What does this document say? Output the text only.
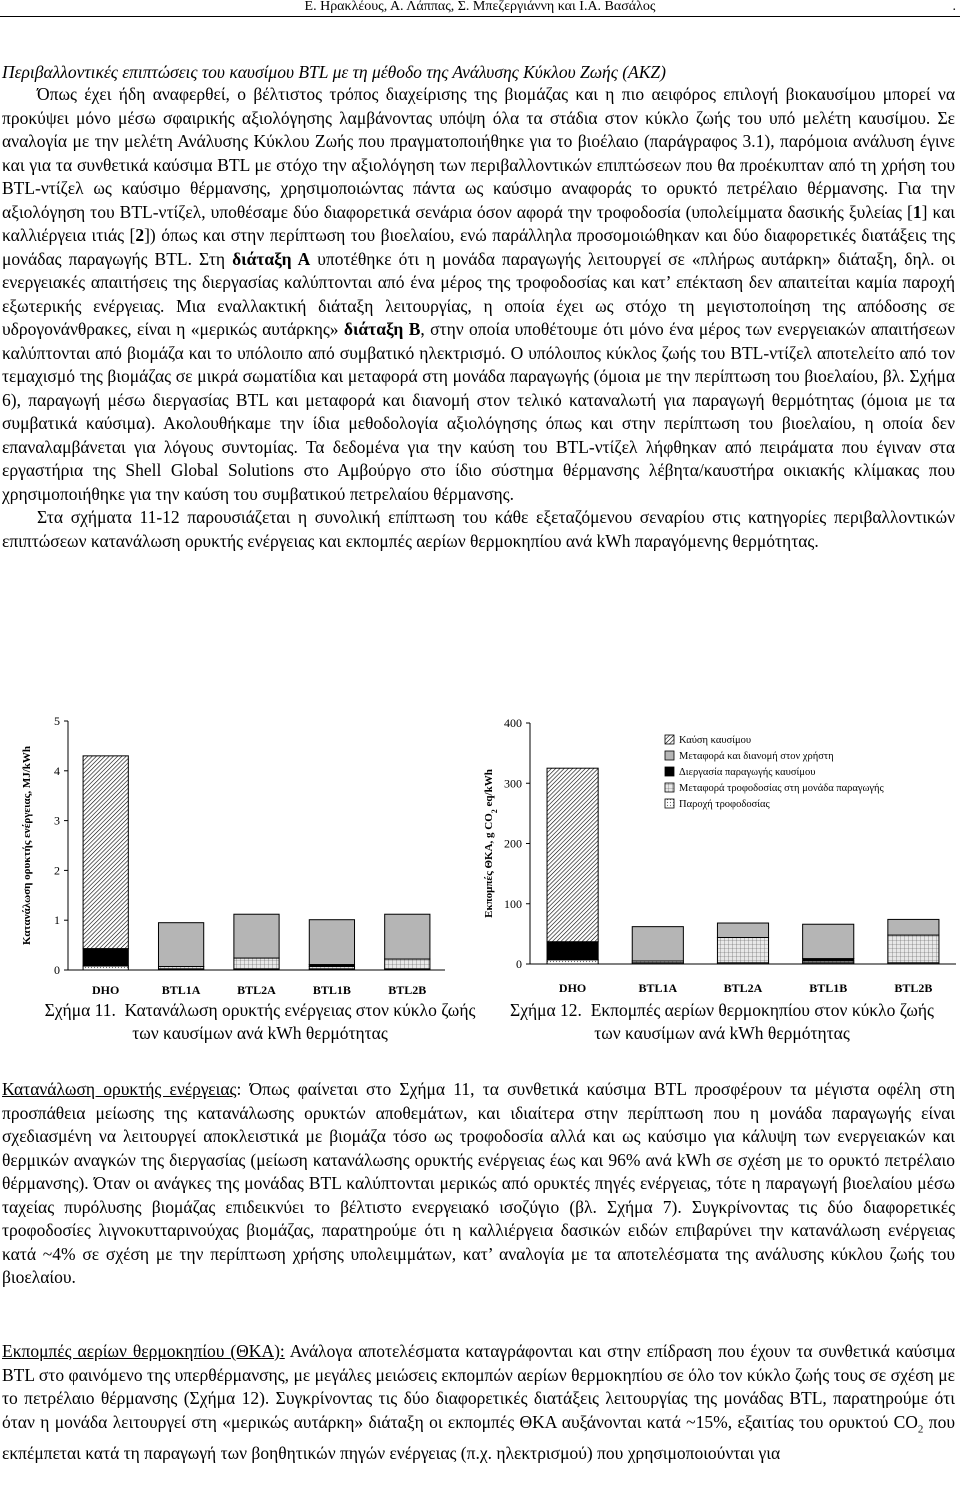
Ε. Ηρακλέους, Α. Λάππας, Σ. Μπεζεργιάννη και Ι.Α. Βασάλος	.
Περιβαλλοντικές επιπτώσεις του καυσίμου BTL με τη μέθοδο της Ανάλυσης Κύκλου Ζωής (ΑΚΖ)

Όπως έχει ήδη αναφερθεί, ο βέλτιστος τρόπος διαχείρισης της βιομάζας και η πιο αειφόρος επιλογή βιοκαυσίμου μπορεί να προκύψει μόνο μέσω σφαιρικής αξιολόγησης λαμβάνοντας υπόψη όλα τα στάδια στον κύκλο ζωής του υπό μελέτη καυσίμου. Σε αναλογία με την μελέτη Ανάλυσης Κύκλου Ζωής που πραγματοποιήθηκε για το βιοέλαιο (παράγραφος 3.1), παρόμοια ανάλυση έγινε και για τα συνθετικά καύσιμα BTL με στόχο την αξιολόγηση των περιβαλλοντικών επιπτώσεων που θα προέκυπταν από τη χρήση του BTL-ντίζελ ως καύσιμο θέρμανσης, χρησιμοποιώντας πάντα ως καύσιμο αναφοράς το ορυκτό πετρέλαιο θέρμανσης. Για την αξιολόγηση του BTL-ντίζελ, υποθέσαμε δύο διαφορετικά σενάρια όσον αφορά την τροφοδοσία (υπολείμματα δασικής ξυλείας [1] και καλλιέργεια ιτιάς [2]) όπως και στην περίπτωση του βιοελαίου, ενώ παράλληλα προσομοιώθηκαν και δύο διαφορετικές διατάξεις της μονάδας παραγωγής BTL. Στη διάταξη Α υποτέθηκε ότι η μονάδα παραγωγής λειτουργεί σε «πλήρως αυτάρκη» διάταξη, δηλ. οι ενεργειακές απαιτήσεις της διεργασίας καλύπτονται από ένα μέρος της τροφοδοσίας και κατ’ επέκταση δεν απαιτείται καμία παροχή εξωτερικής ενέργειας. Μια εναλλακτική διάταξη λειτουργίας, η οποία έχει ως στόχο τη μεγιστοποίηση της απόδοσης σε υδρογονάνθρακες, είναι η «μερικώς αυτάρκης» διάταξη Β, στην οποία υποθέτουμε ότι μόνο ένα μέρος των ενεργειακών απαιτήσεων καλύπτονται από βιομάζα και το υπόλοιπο από συμβατικό ηλεκτρισμό. Ο υπόλοιπος κύκλος ζωής του BTL-ντίζελ αποτελείτο από τον τεμαχισμό της βιομάζας σε μικρά σωματίδια και μεταφορά στη μονάδα παραγωγής (όμοια με την περίπτωση του βιοελαίου, βλ. Σχήμα 6), παραγωγή μέσω διεργασίας BTL και μεταφορά και διανομή στον τελικό καταναλωτή για παραγωγή θερμότητας (όμοια με τα συμβατικά καύσιμα). Ακολουθήκαμε την ίδια μεθοδολογία αξιολόγησης όπως και στην περίπτωση του βιοελαίου, η οποία δεν επαναλαμβάνεται για λόγους συντομίας. Τα δεδομένα για την καύση του BTL-ντίζελ λήφθηκαν από πειράματα που έγιναν στα εργαστήρια της Shell Global Solutions στο Αμβούργο στο ίδιο σύστημα θέρμανσης λέβητα/καυστήρα οικιακής κλίμακας που χρησιμοποιήθηκε για την καύση του συμβατικού πετρελαίου θέρμανσης.

Στα σχήματα 11-12 παρουσιάζεται η συνολική επίπτωση του κάθε εξεταζόμενου σεναρίου στις κατηγορίες περιβαλλοντικών επιπτώσεων κατανάλωση ορυκτής ενέργειας και εκπομπές αερίων θερμοκηπίου ανά kWh παραγόμενης θερμότητας.

0
1
2
3
4
5
Κατανάλωση ορυκτής ενέργειας, MJ/kWh
DHO	BTL1A	BTL2A	BTL1B	BTL2B
0
100
200
300
400
Εκπομπές ΘΚΑ, g $CO_2$ eq/kWh
DHO	BTL1A	BTL2A	BTL1B	BTL2B
Καύση καυσίμου
Μεταφορά και διανομή στον χρήστη
Διεργασία παραγωγής καυσίμου
Μεταφορά τροφοδοσίας στη μονάδα παραγωγής
Παροχή τροφοδοσίας
Σχήμα 11. Κατανάλωση ορυκτής ενέργειας στον κύκλο ζωής των καυσίμων ανά kWh θερμότητας
Σχήμα 12. Εκπομπές αερίων θερμοκηπίου στον κύκλο ζωής των καυσίμων ανά kWh θερμότητας

Κατανάλωση ορυκτής ενέργειας: Όπως φαίνεται στο Σχήμα 11, τα συνθετικά καύσιμα BTL προσφέρουν τα μέγιστα οφέλη στη προσπάθεια μείωσης της κατανάλωσης ορυκτών αποθεμάτων, και ιδιαίτερα στην περίπτωση που η μονάδα παραγωγής είναι σχεδιασμένη να λειτουργεί αποκλειστικά με βιομάζα τόσο ως τροφοδοσία αλλά και ως καύσιμο για κάλυψη των ενεργειακών και θερμικών αναγκών της διεργασίας (μείωση κατανάλωσης ορυκτής ενέργειας έως και 96% ανά kWh σε σχέση με το ορυκτό πετρέλαιο θέρμανσης). Όταν οι ανάγκες της μονάδας BTL καλύπτονται μερικώς από ορυκτές πηγές ενέργειας, τότε η παραγωγή βιοελαίου μέσω ταχείας πυρόλυσης βιομάζας επιδεικνύει το βέλτιστο ενεργειακό ισοζύγιο (βλ. Σχήμα 7). Συγκρίνοντας τις δύο διαφορετικές τροφοδοσίες λιγνοκυτταρινούχας βιομάζας, παρατηρούμε ότι η καλλιέργεια δασικών ειδών επιβαρύνει την κατανάλωση ενέργειας κατά ~4% σε σχέση με την περίπτωση χρήσης υπολειμμάτων, κατ’ αναλογία με τα αποτελέσματα της ανάλυσης κύκλου ζωής του βιοελαίου.

Εκπομπές αερίων θερμοκηπίου (ΘΚΑ): Ανάλογα αποτελέσματα καταγράφονται και στην επίδραση που έχουν τα συνθετικά καύσιμα BTL στο φαινόμενο της υπερθέρμανσης, με μεγάλες μειώσεις εκπομπών αερίων θερμοκηπίου σε όλο τον κύκλο ζωής τους σε σχέση με το πετρέλαιο θέρμανσης (Σχήμα 12). Συγκρίνοντας τις δύο διαφορετικές διατάξεις λειτουργίας της μονάδας BTL, παρατηρούμε ότι όταν η μονάδα λειτουργεί στη «μερικώς αυτάρκη» διάταξη οι εκπομπές ΘΚΑ αυξάνονται κατά ~15%, εξαιτίας του ορυκτού $CO_2$ που εκπέμπεται κατά τη παραγωγή των βοηθητικών πηγών ενέργειας (π.χ. ηλεκτρισμού) που χρησιμοποιούνται για
